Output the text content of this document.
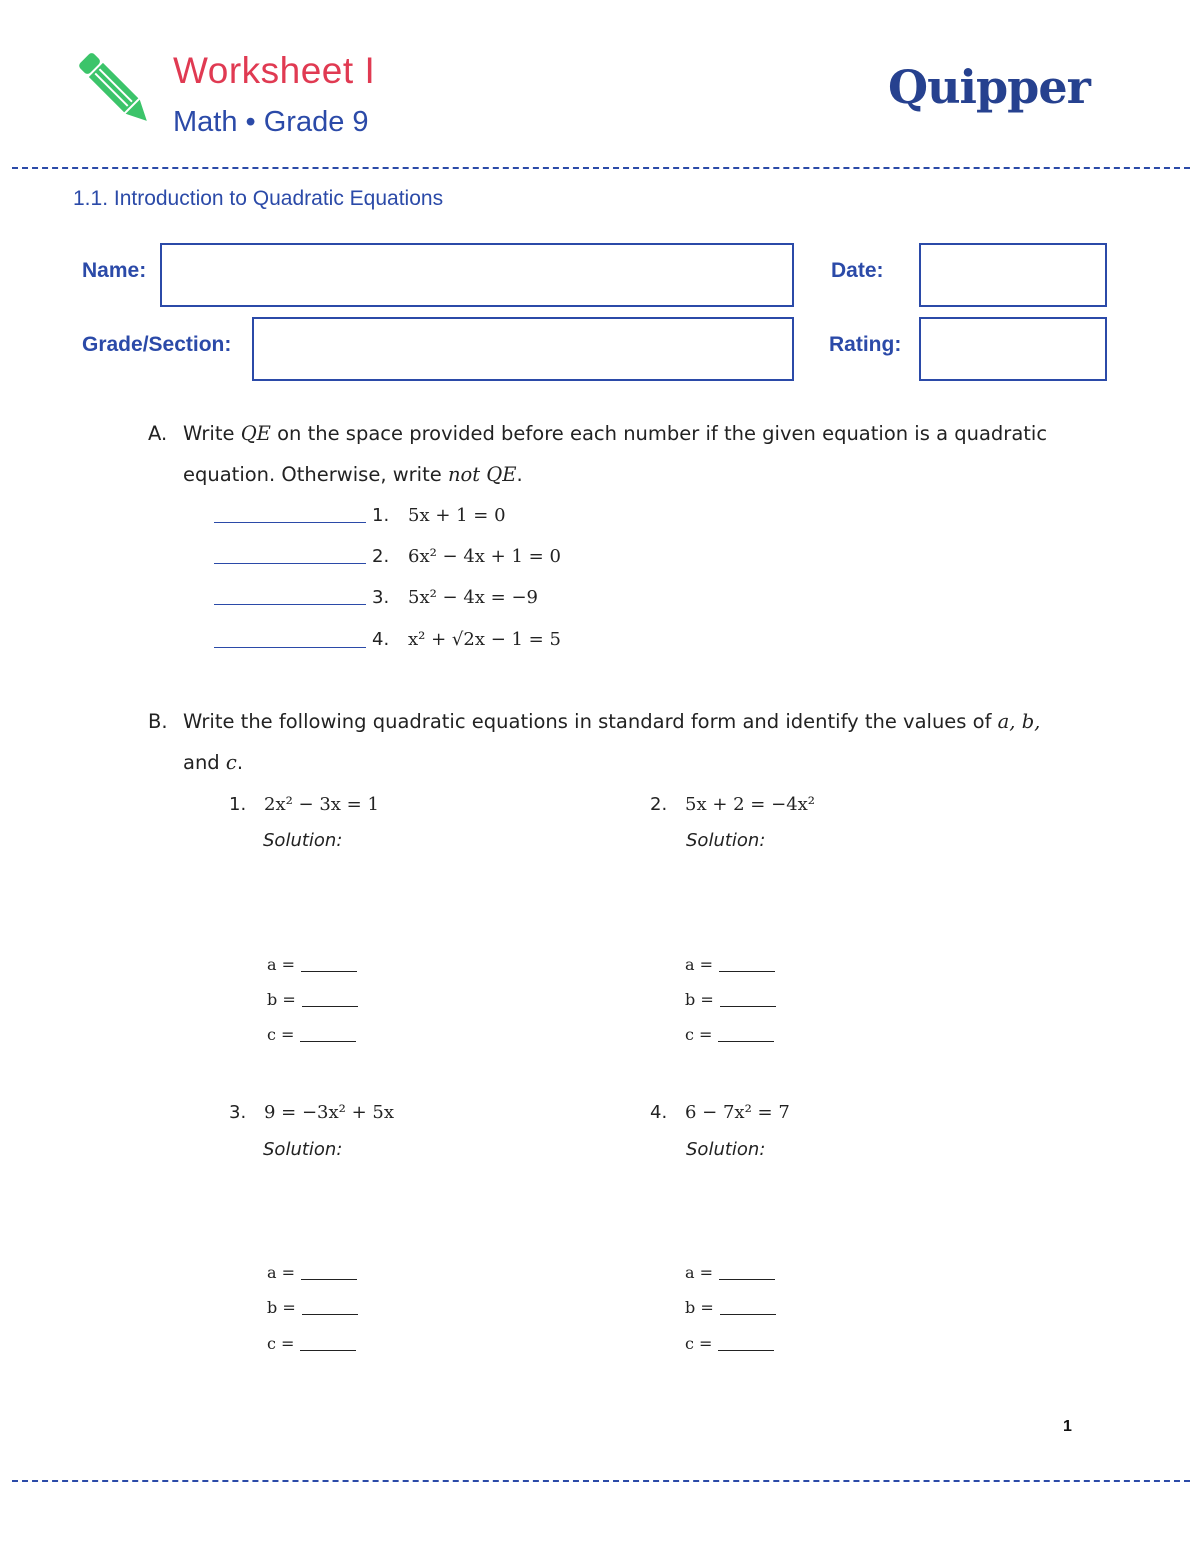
Worksheet I
Math • Grade 9
Quipper
1.1. Introduction to Quadratic Equations
Name:	Date:
Grade/Section:	Rating:
A. Write QE on the space provided before each number if the given equation is a quadratic
equation. Otherwise, write not QE.
1. 5x + 1 = 0
2. 6x² − 4x + 1 = 0
3. 5x² − 4x = −9
4. x² + √2x − 1 = 5
B. Write the following quadratic equations in standard form and identify the values of a, b,
and c.
1. 2x² − 3x = 1
Solution:
a =
b =
c =
2. 5x + 2 = −4x²
Solution:
a =
b =
c =
3. 9 = −3x² + 5x
Solution:
a =
b =
c =
4. 6 − 7x² = 7
Solution:
a =
b =
c =
1
